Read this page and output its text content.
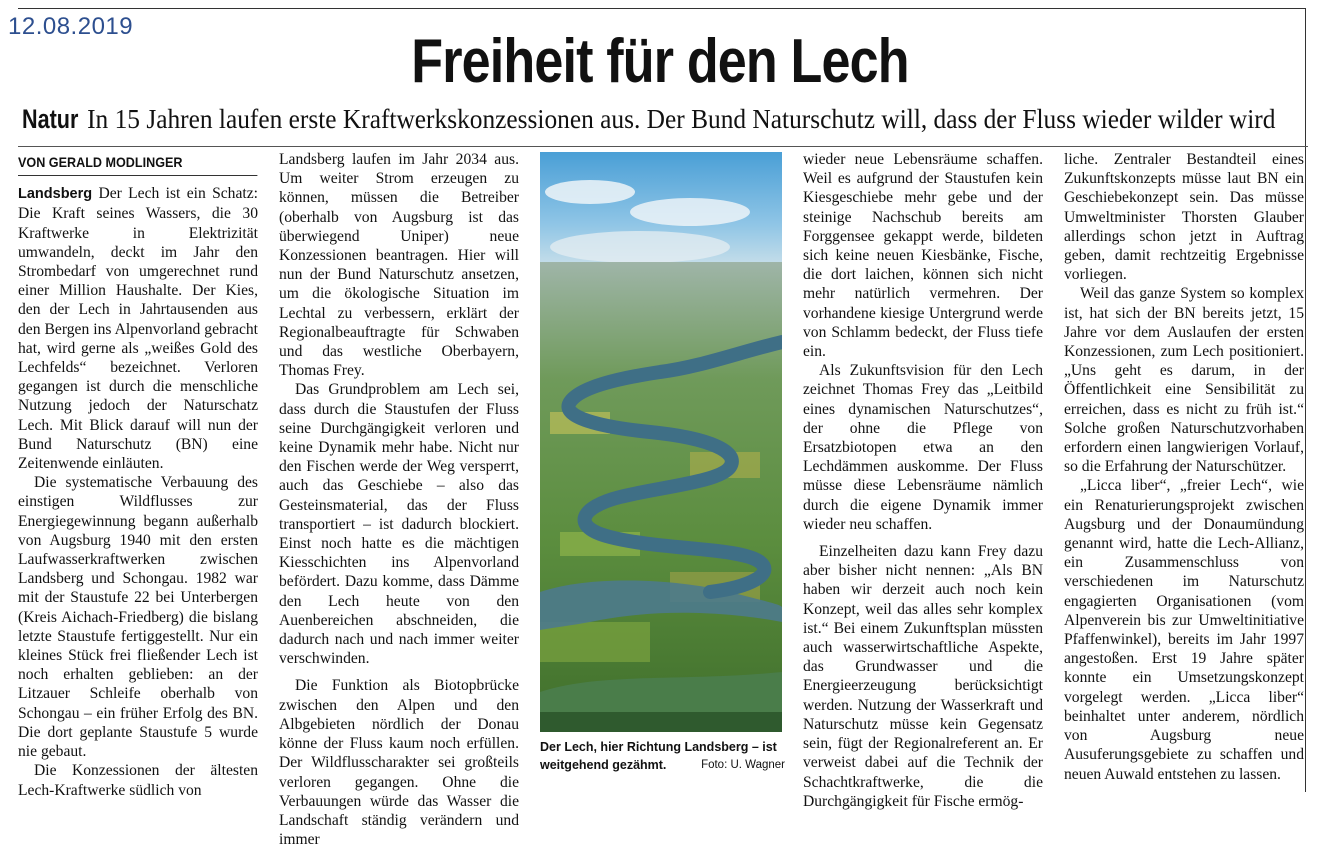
12.08.2019
Freiheit für den Lech
Natur In 15 Jahren laufen erste Kraftwerkskonzessionen aus. Der Bund Naturschutz will, dass der Fluss wieder wilder wird
VON GERALD MODLINGER

Landsberg Der Lech ist ein Schatz: Die Kraft seines Wassers, die 30 Kraftwerke in Elektrizität umwandeln, deckt im Jahr den Strombedarf von umgerechnet rund einer Million Haushalte. Der Kies, den der Lech in Jahrtausenden aus den Bergen ins Alpenvorland gebracht hat, wird gerne als „weißes Gold des Lechfelds“ bezeichnet. Verloren gegangen ist durch die menschliche Nutzung jedoch der Naturschatz Lech. Mit Blick darauf will nun der Bund Naturschutz (BN) eine Zeitenwende einläuten.

Die systematische Verbauung des einstigen Wildflusses zur Energiegewinnung begann außerhalb von Augsburg 1940 mit den ersten Laufwasserkraftwerken zwischen Landsberg und Schongau. 1982 war mit der Staustufe 22 bei Unterbergen (Kreis Aichach-Friedberg) die bislang letzte Staustufe fertiggestellt. Nur ein kleines Stück frei fließender Lech ist noch erhalten geblieben: an der Litzauer Schleife oberhalb von Schongau – ein früher Erfolg des BN. Die dort geplante Staustufe 5 wurde nie gebaut.

Die Konzessionen der ältesten Lech-Kraftwerke südlich von

Landsberg laufen im Jahr 2034 aus. Um weiter Strom erzeugen zu können, müssen die Betreiber (oberhalb von Augsburg ist das überwiegend Uniper) neue Konzessionen beantragen. Hier will nun der Bund Naturschutz ansetzen, um die ökologische Situation im Lechtal zu verbessern, erklärt der Regionalbeauftragte für Schwaben und das westliche Oberbayern, Thomas Frey.

Das Grundproblem am Lech sei, dass durch die Staustufen der Fluss seine Durchgängigkeit verloren und keine Dynamik mehr habe. Nicht nur den Fischen werde der Weg versperrt, auch das Geschiebe – also das Gesteinsmaterial, das der Fluss transportiert – ist dadurch blockiert. Einst noch hatte es die mächtigen Kiesschichten ins Alpenvorland befördert. Dazu komme, dass Dämme den Lech heute von den Auenbereichen abschneiden, die dadurch nach und nach immer weiter verschwinden.

Die Funktion als Biotopbrücke zwischen den Alpen und den Albgebieten nördlich der Donau könne der Fluss kaum noch erfüllen. Der Wildflusscharakter sei großteils verloren gegangen. Ohne die Verbauungen würde das Wasser die Landschaft ständig verändern und immer

Der Lech, hier Richtung Landsberg – ist weitgehend gezähmt.	Foto: U. Wagner

wieder neue Lebensräume schaffen. Weil es aufgrund der Staustufen kein Kiesgeschiebe mehr gebe und der steinige Nachschub bereits am Forggensee gekappt werde, bildeten sich keine neuen Kiesbänke, Fische, die dort laichen, können sich nicht mehr natürlich vermehren. Der vorhandene kiesige Untergrund werde von Schlamm bedeckt, der Fluss tiefe ein.

Als Zukunftsvision für den Lech zeichnet Thomas Frey das „Leitbild eines dynamischen Naturschutzes“, der ohne die Pflege von Ersatzbiotopen etwa an den Lechdämmen auskomme. Der Fluss müsse diese Lebensräume nämlich durch die eigene Dynamik immer wieder neu schaffen.

Einzelheiten dazu kann Frey dazu aber bisher nicht nennen: „Als BN haben wir derzeit auch noch kein Konzept, weil das alles sehr komplex ist.“ Bei einem Zukunftsplan müssten auch wasserwirtschaftliche Aspekte, das Grundwasser und die Energieerzeugung berücksichtigt werden. Nutzung der Wasserkraft und Naturschutz müsse kein Gegensatz sein, fügt der Regionalreferent an. Er verweist dabei auf die Technik der Schachtkraftwerke, die die Durchgängigkeit für Fische ermög-

liche. Zentraler Bestandteil eines Zukunftskonzepts müsse laut BN ein Geschiebekonzept sein. Das müsse Umweltminister Thorsten Glauber allerdings schon jetzt in Auftrag geben, damit rechtzeitig Ergebnisse vorliegen.

Weil das ganze System so komplex ist, hat sich der BN bereits jetzt, 15 Jahre vor dem Auslaufen der ersten Konzessionen, zum Lech positioniert. „Uns geht es darum, in der Öffentlichkeit eine Sensibilität zu erreichen, dass es nicht zu früh ist.“ Solche großen Naturschutzvorhaben erfordern einen langwierigen Vorlauf, so die Erfahrung der Naturschützer.

„Licca liber“, „freier Lech“, wie ein Renaturierungsprojekt zwischen Augsburg und der Donaumündung genannt wird, hatte die Lech-Allianz, ein Zusammenschluss von verschiedenen im Naturschutz engagierten Organisationen (vom Alpenverein bis zur Umweltinitiative Pfaffenwinkel), bereits im Jahr 1997 angestoßen. Erst 19 Jahre später konnte ein Umsetzungskonzept vorgelegt werden. „Licca liber“ beinhaltet unter anderem, nördlich von Augsburg neue Ausuferungsgebiete zu schaffen und neuen Auwald entstehen zu lassen.
